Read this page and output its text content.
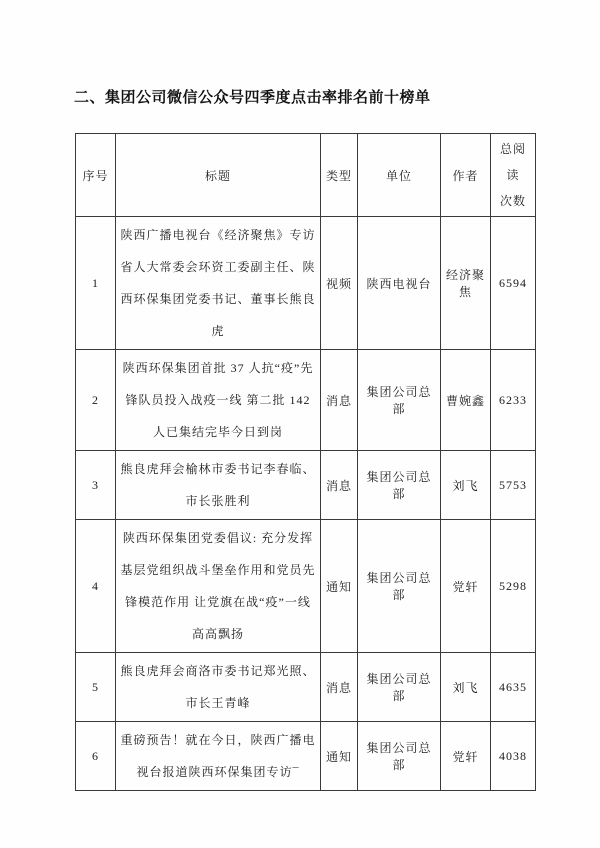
二、集团公司微信公众号四季度点击率排名前十榜单
序号	标题	类型	单位	作者	总阅读
次数

1	陕西广播电视台《经济聚焦》专访省人大常委会环资工委副主任、陕西环保集团党委书记、董事长熊良虎	视频	陕西电视台	经济聚焦	6594
2	陕西环保集团首批 37 人抗“疫”先锋队员投入战疫一线 第二批 142 人已集结完毕今日到岗	消息	集团公司总部	曹婉鑫	6233
3	熊良虎拜会榆林市委书记李春临、市长张胜利	消息	集团公司总部	刘飞	5753
4	陕西环保集团党委倡议: 充分发挥基层党组织战斗堡垒作用和党员先锋模范作用 让党旗在战“疫”一线高高飘扬	通知	集团公司总部	党轩	5298
5	熊良虎拜会商洛市委书记郑光照、市长王青峰	消息	集团公司总部	刘飞	4635
6	重磅预告！就在今日，陕西广播电视台报道陕西环保集团专访¯	通知	集团公司总部	党轩	4038
